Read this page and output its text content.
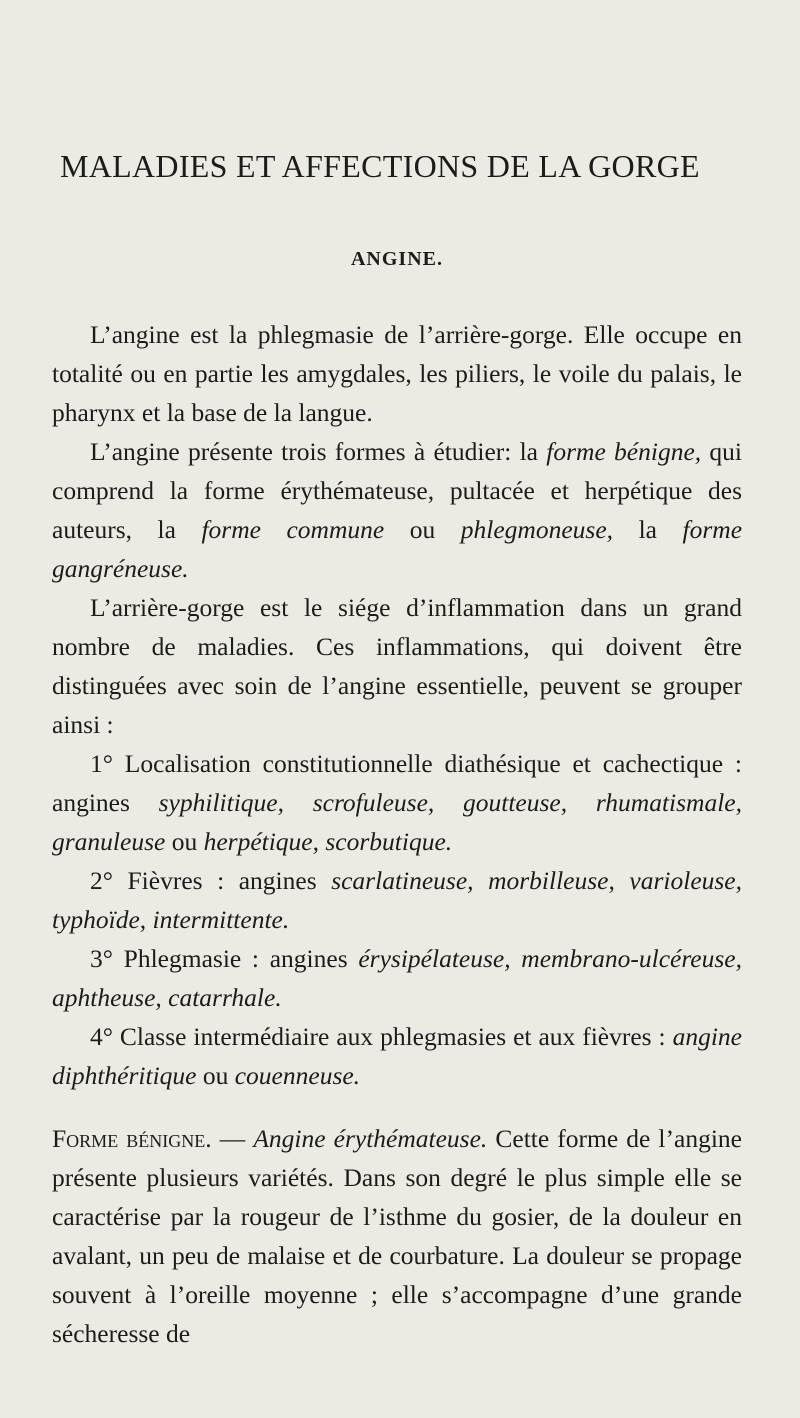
MALADIES ET AFFECTIONS DE LA GORGE
ANGINE.

L’angine est la phlegmasie de l’arrière-gorge. Elle occupe en totalité ou en partie les amygdales, les piliers, le voile du palais, le pharynx et la base de la langue.

L’angine présente trois formes à étudier: la forme bénigne, qui comprend la forme érythémateuse, pultacée et herpétique des auteurs, la forme commune ou phlegmoneuse, la forme gangréneuse.

L’arrière-gorge est le siége d’inflammation dans un grand nombre de maladies. Ces inflammations, qui doivent être distinguées avec soin de l’angine essentielle, peuvent se grouper ainsi :

1° Localisation constitutionnelle diathésique et cachectique : angines syphilitique, scrofuleuse, goutteuse, rhumatismale, granuleuse ou herpétique, scorbutique.

2° Fièvres : angines scarlatineuse, morbilleuse, varioleuse, typhoïde, intermittente.

3° Phlegmasie : angines érysipélateuse, membrano-ulcéreuse, aphtheuse, catarrhale.

4° Classe intermédiaire aux phlegmasies et aux fièvres : angine diphthéritique ou couenneuse.

Forme bénigne. — Angine érythémateuse. Cette forme de l’angine présente plusieurs variétés. Dans son degré le plus simple elle se caractérise par la rougeur de l’isthme du gosier, de la douleur en avalant, un peu de malaise et de courbature. La douleur se propage souvent à l’oreille moyenne ; elle s’accompagne d’une grande sécheresse de
